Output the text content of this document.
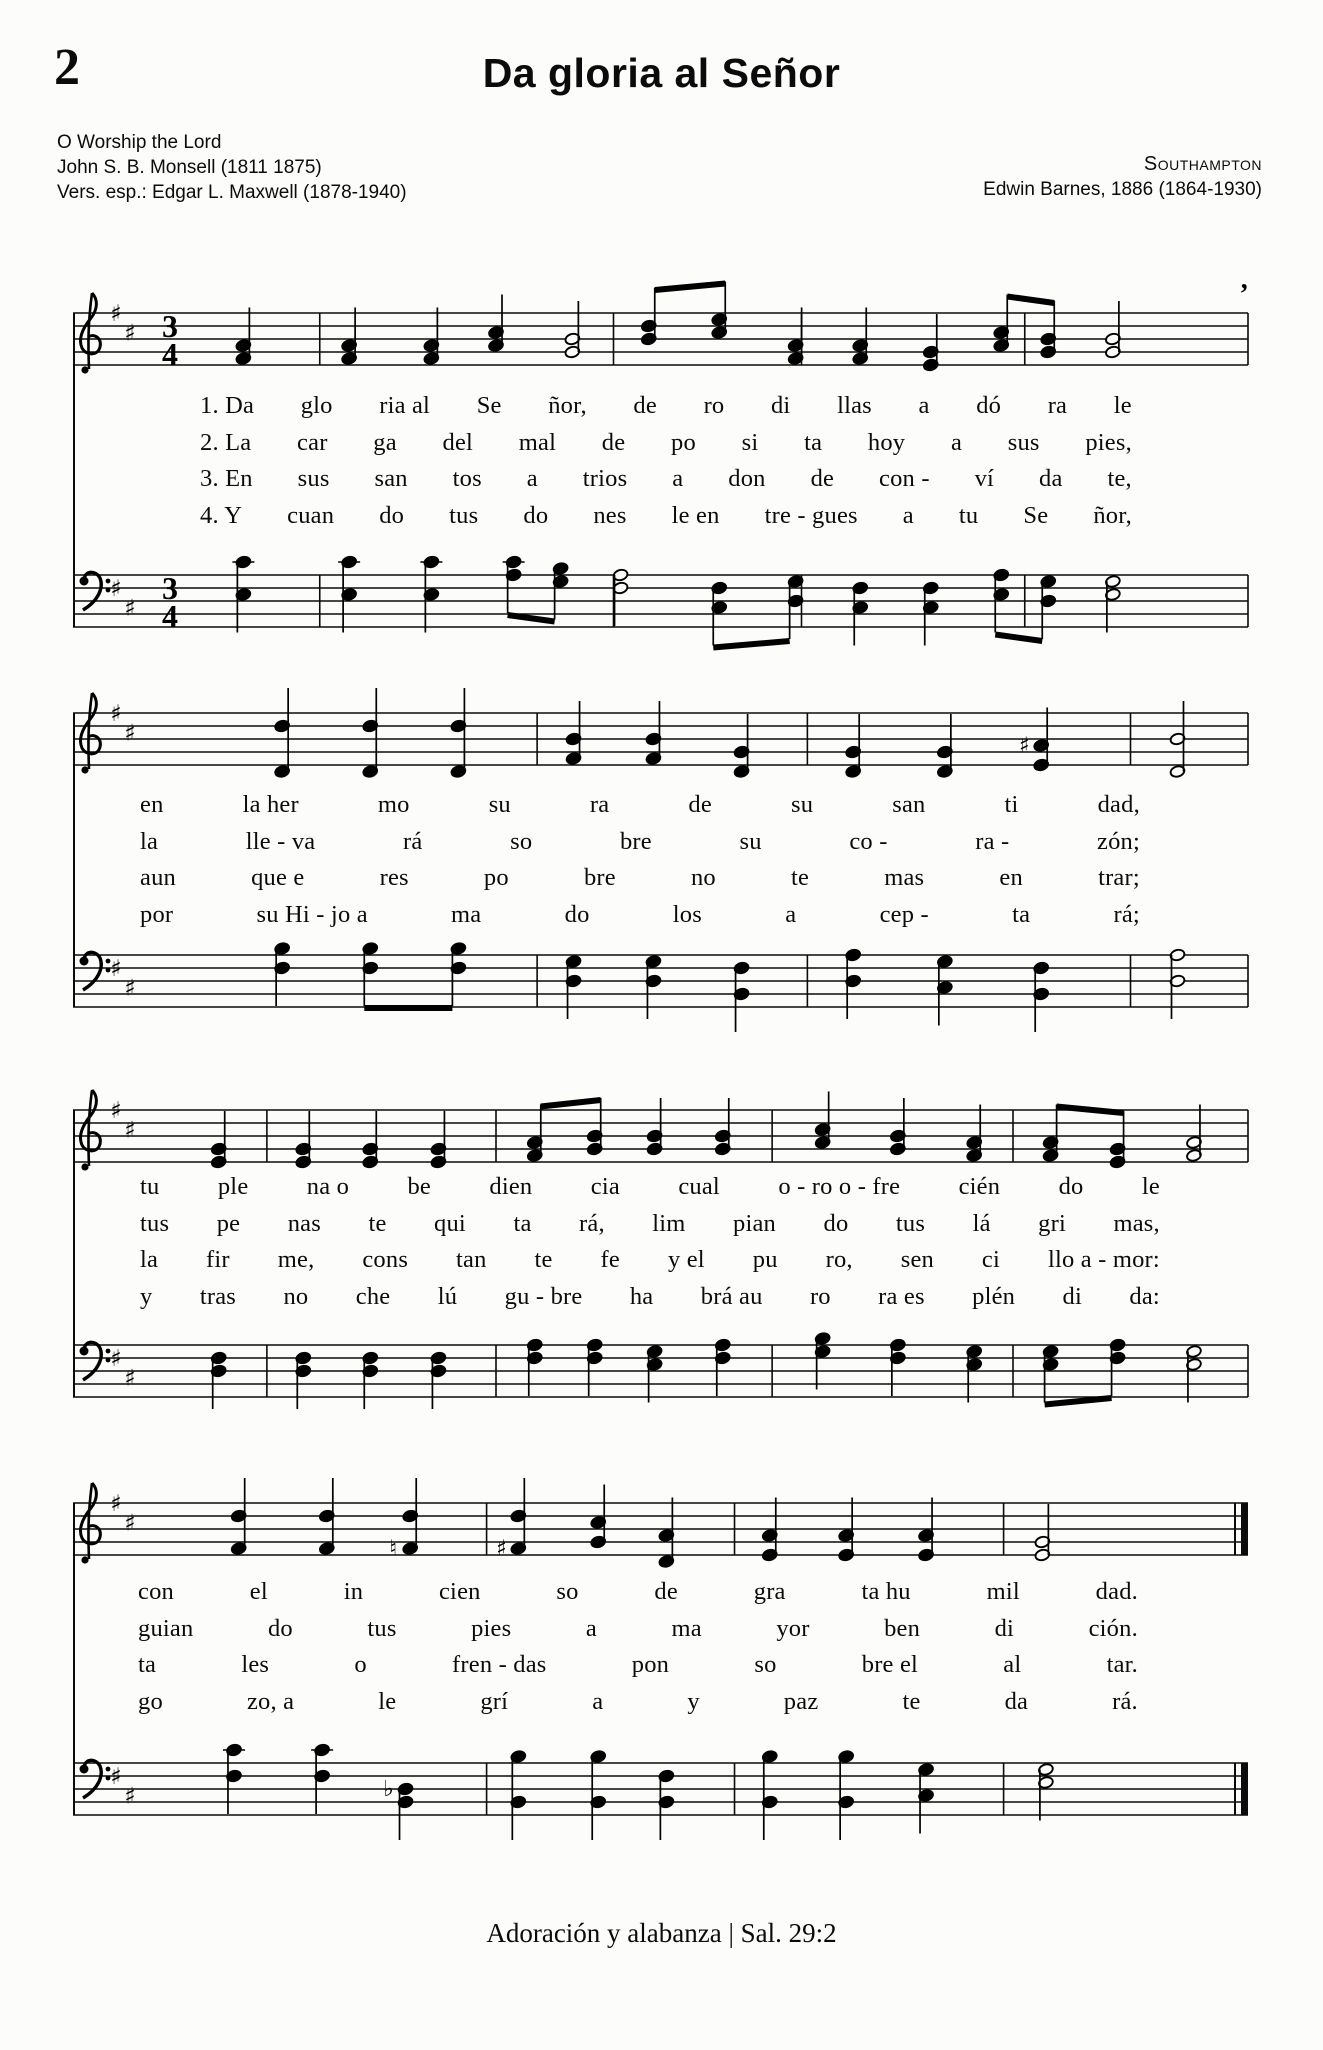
2	Da gloria al Señor
O Worship the Lord
John S. B. Monsell (1811 1875)
Vers. esp.: Edgar L. Maxwell (1878-1940)
Southampton
Edwin Barnes, 1886 (1864-1930)
♯
♯ 3
4
’
♯
♯
3
4
♯
♯	♯
♯
♯
♯
♯
♯
♯
♯
♯
♮	♯
♯
♯	♭
1. Da glo ria al Se ñor, de ro di llas a dó ra le
2. La car ga del mal de po si ta hoy a sus pies,
3. En sus san tos a trios a don de con - ví da te,
4. Y cuan do tus do nes le en tre - gues a tu Se ñor,
en	la her	mo	su	ra	de	su	san	ti	dad,
la	lle - va	rá	so	bre	su	co -	ra -	zón;
aun	que e	res	po	bre	no	te	mas	en	trar;
por	su Hi - jo a	ma	do	los	a	cep -	ta	rá;
tu ple na o be dien cia cual o - ro o - fre cién do le
tus pe nas te qui ta rá, lim pian do tus lá gri mas,
la fir me, cons tan te fe y el pu ro, sen ci llo a - mor:
y tras no che lú gu - bre ha brá au ro ra es plén di da:
con	el	in	cien	so	de	gra	ta hu	mil	dad.
guian	do	tus	pies	a	ma	yor	ben	di	ción.
ta	les	o	fren - das	pon	so	bre el	al	tar.
go	zo, a	le	grí	a	y	paz	te	da	rá.
Adoración y alabanza | Sal. 29:2
